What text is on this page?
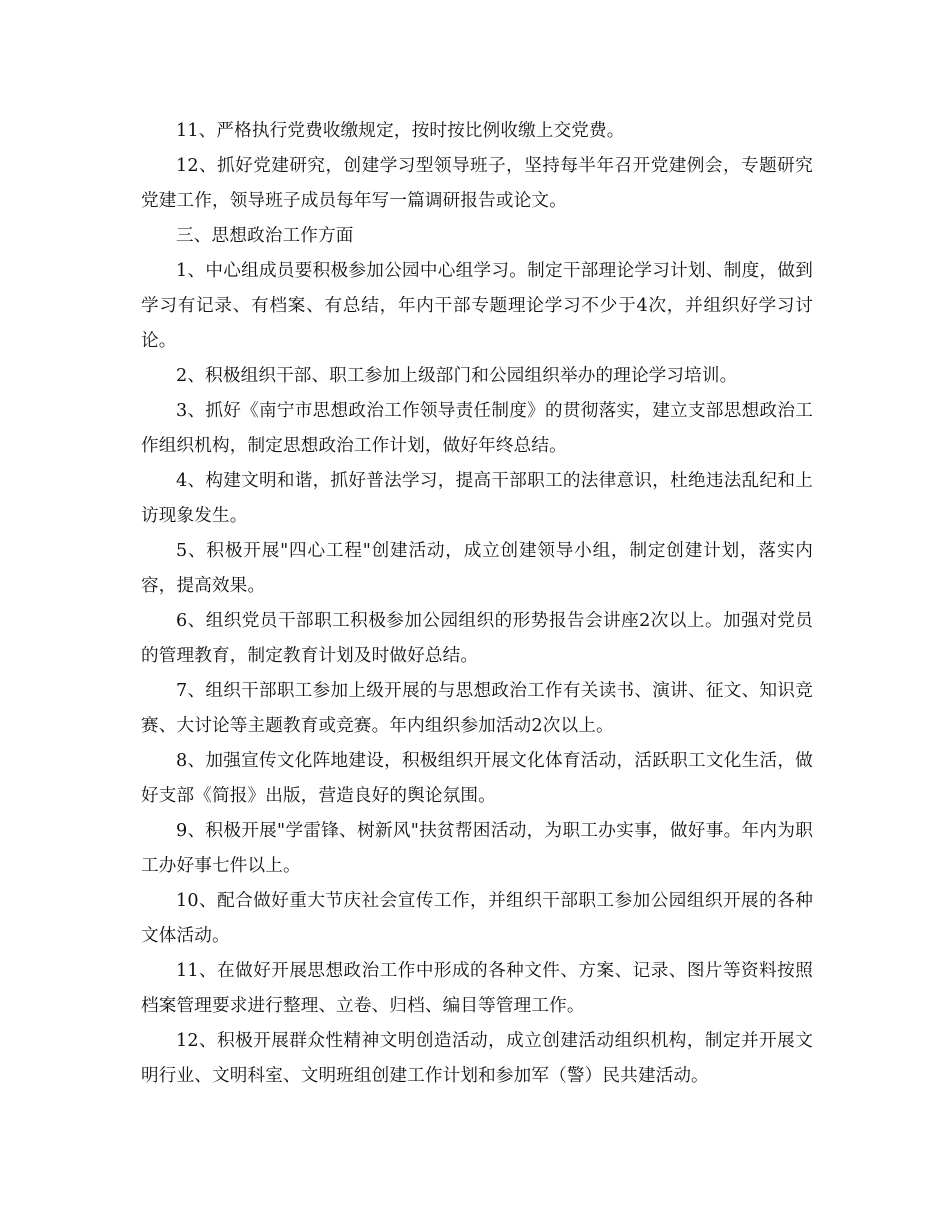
11、严格执行党费收缴规定，按时按比例收缴上交党费。

12、抓好党建研究，创建学习型领导班子，坚持每半年召开党建例会，专题研究党建工作，领导班子成员每年写一篇调研报告或论文。

三、思想政治工作方面

1、中心组成员要积极参加公园中心组学习。制定干部理论学习计划、制度，做到学习有记录、有档案、有总结，年内干部专题理论学习不少于4次，并组织好学习讨论。

2、积极组织干部、职工参加上级部门和公园组织举办的理论学习培训。

3、抓好《南宁市思想政治工作领导责任制度》的贯彻落实，建立支部思想政治工作组织机构，制定思想政治工作计划，做好年终总结。

4、构建文明和谐，抓好普法学习，提高干部职工的法律意识，杜绝违法乱纪和上访现象发生。

5、积极开展"四心工程"创建活动，成立创建领导小组，制定创建计划，落实内容，提高效果。

6、组织党员干部职工积极参加公园组织的形势报告会讲座2次以上。加强对党员的管理教育，制定教育计划及时做好总结。

7、组织干部职工参加上级开展的与思想政治工作有关读书、演讲、征文、知识竞赛、大讨论等主题教育或竞赛。年内组织参加活动2次以上。

8、加强宣传文化阵地建设，积极组织开展文化体育活动，活跃职工文化生活，做好支部《简报》出版，营造良好的舆论氛围。

9、积极开展"学雷锋、树新风"扶贫帮困活动，为职工办实事，做好事。年内为职工办好事七件以上。

10、配合做好重大节庆社会宣传工作，并组织干部职工参加公园组织开展的各种文体活动。

11、在做好开展思想政治工作中形成的各种文件、方案、记录、图片等资料按照档案管理要求进行整理、立卷、归档、编目等管理工作。

12、积极开展群众性精神文明创造活动，成立创建活动组织机构，制定并开展文明行业、文明科室、文明班组创建工作计划和参加军（警）民共建活动。
